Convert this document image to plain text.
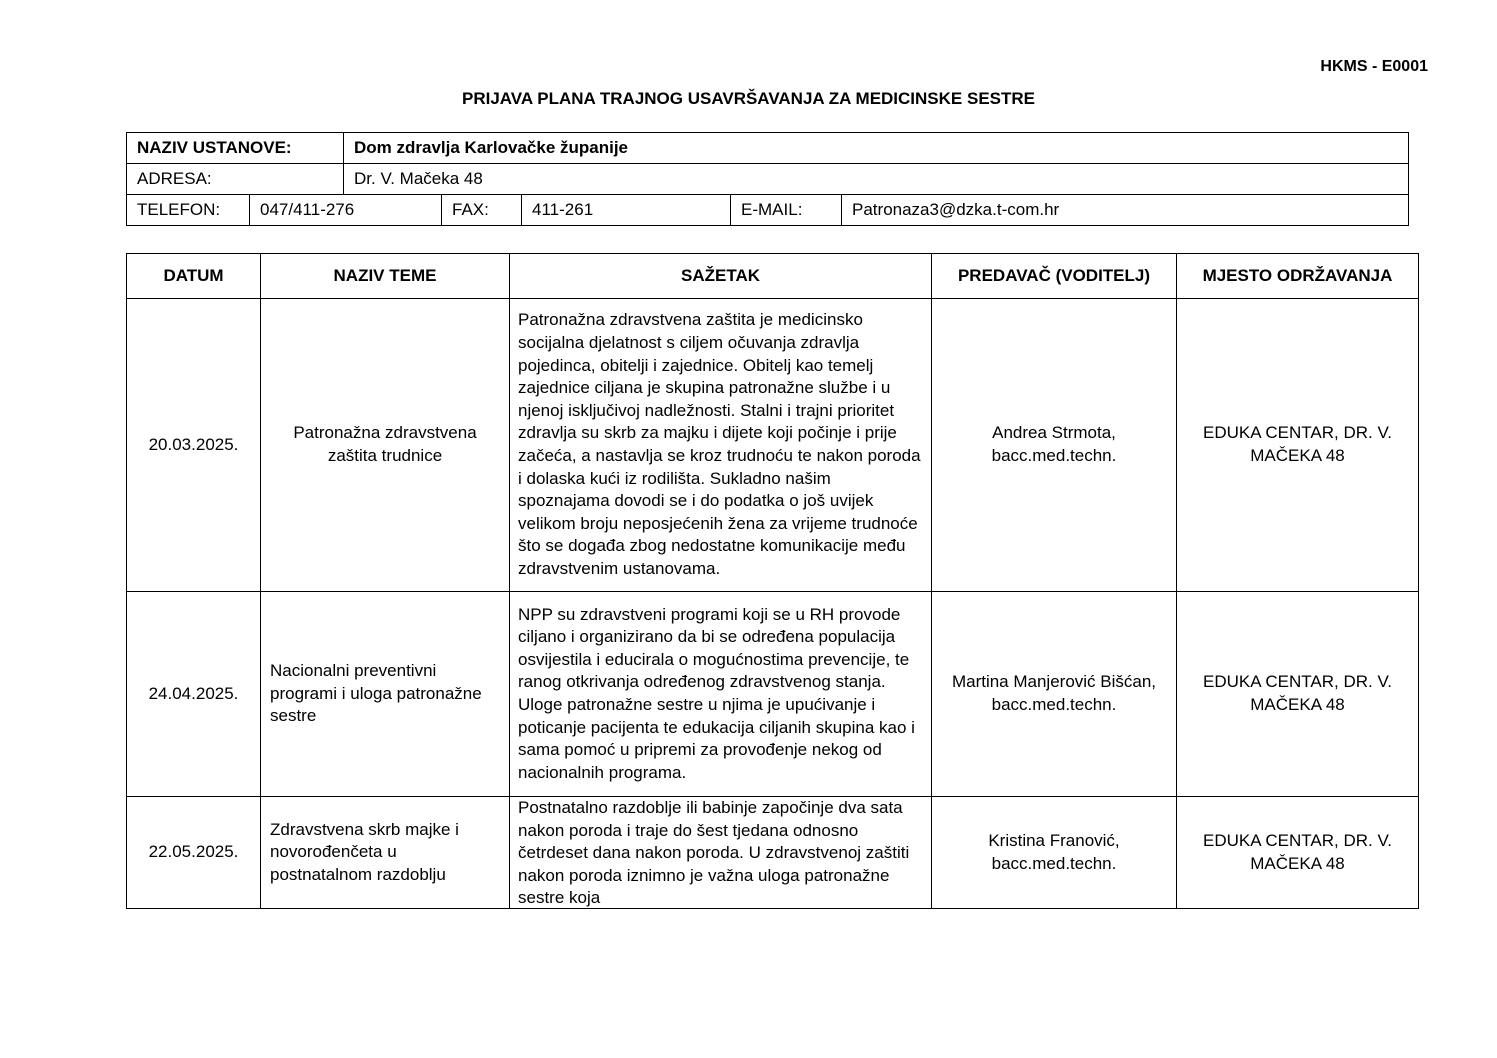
HKMS - E0001
PRIJAVA PLANA TRAJNOG USAVRŠAVANJA ZA MEDICINSKE SESTRE
NAZIV USTANOVE:		Dom zdravlja Karlovačke županije				
ADRESA:		Dr. V. Mačeka 48				
TELEFON:	047/411-276		FAX:	411-261	E-MAIL:	Patronaza3@dzka.t-com.hr
DATUM	NAZIV TEME	SAŽETAK	PREDAVAČ (VODITELJ)	MJESTO ODRŽAVANJA
20.03.2025.	Patronažna zdravstvena zaštita trudnice	Patronažna zdravstvena zaštita je medicinsko socijalna djelatnost s ciljem očuvanja zdravlja pojedinca, obitelji i zajednice. Obitelj kao temelj zajednice ciljana je skupina patronažne službe i u njenoj isključivoj nadležnosti. Stalni i trajni prioritet zdravlja su skrb za majku i dijete koji počinje i prije začeća, a nastavlja se kroz trudnoću te nakon poroda i dolaska kući iz rodilišta. Sukladno našim spoznajama dovodi se i do podatka o još uvijek velikom broju neposjećenih žena za vrijeme trudnoće što se događa zbog nedostatne komunikacije među zdravstvenim ustanovama.	Andrea Strmota, bacc.med.techn.	EDUKA CENTAR, DR. V. MAČEKA 48
24.04.2025.	Nacionalni preventivni programi i uloga patronažne sestre	NPP su zdravstveni programi koji se u RH provode ciljano i organizirano da bi se određena populacija osvijestila i educirala o mogućnostima prevencije, te ranog otkrivanja određenog zdravstvenog stanja. Uloge patronažne sestre u njima je upućivanje i poticanje pacijenta te edukacija ciljanih skupina kao i sama pomoć u pripremi za provođenje nekog od nacionalnih programa.	Martina Manjerović Bišćan, bacc.med.techn.	EDUKA CENTAR, DR. V. MAČEKA 48
22.05.2025.	Zdravstvena skrb majke i novorođenčeta u postnatalnom razdoblju	Postnatalno razdoblje ili babinje započinje dva sata nakon poroda i traje do šest tjedana odnosno četrdeset dana nakon poroda. U zdravstvenoj zaštiti nakon poroda iznimno je važna uloga patronažne sestre koja	Kristina Franović, bacc.med.techn.	EDUKA CENTAR, DR. V. MAČEKA 48
